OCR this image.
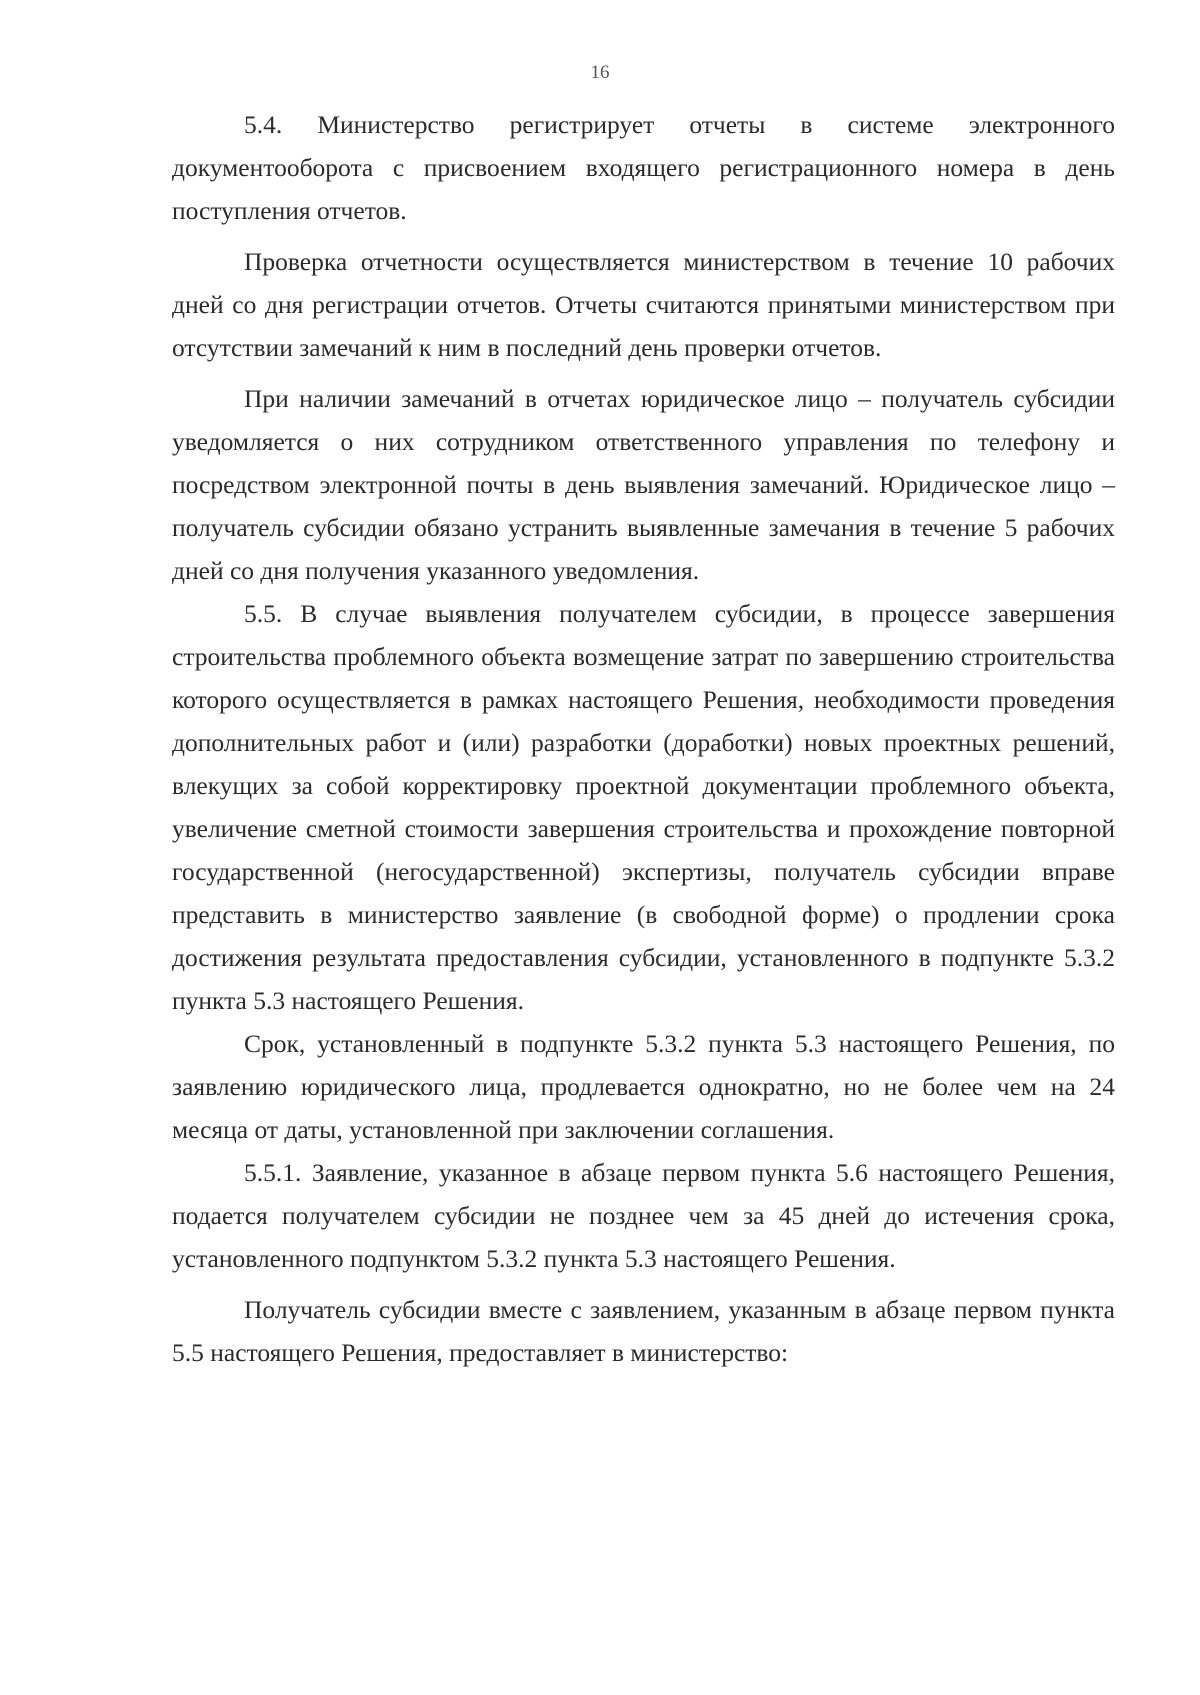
16

5.4. Министерство регистрирует отчеты в системе электронного документооборота с присвоением входящего регистрационного номера в день поступления отчетов.

Проверка отчетности осуществляется министерством в течение 10 рабочих дней со дня регистрации отчетов. Отчеты считаются принятыми министерством при отсутствии замечаний к ним в последний день проверки отчетов.

При наличии замечаний в отчетах юридическое лицо – получатель субсидии уведомляется о них сотрудником ответственного управления по телефону и посредством электронной почты в день выявления замечаний. Юридическое лицо – получатель субсидии обязано устранить выявленные замечания в течение 5 рабочих дней со дня получения указанного уведомления.

5.5. В случае выявления получателем субсидии, в процессе завершения строительства проблемного объекта возмещение затрат по завершению строительства которого осуществляется в рамках настоящего Решения, необходимости проведения дополнительных работ и (или) разработки (доработки) новых проектных решений, влекущих за собой корректировку проектной документации проблемного объекта, увеличение сметной стоимости завершения строительства и прохождение повторной государственной (негосударственной) экспертизы, получатель субсидии вправе представить в министерство заявление (в свободной форме) о продлении срока достижения результата предоставления субсидии, установленного в подпункте 5.3.2 пункта 5.3 настоящего Решения.

Срок, установленный в подпункте 5.3.2 пункта 5.3 настоящего Решения, по заявлению юридического лица, продлевается однократно, но не более чем на 24 месяца от даты, установленной при заключении соглашения.

5.5.1. Заявление, указанное в абзаце первом пункта 5.6 настоящего Решения, подается получателем субсидии не позднее чем за 45 дней до истечения срока, установленного подпунктом 5.3.2 пункта 5.3 настоящего Решения.

Получатель субсидии вместе с заявлением, указанным в абзаце первом пункта 5.5 настоящего Решения, предоставляет в министерство:
